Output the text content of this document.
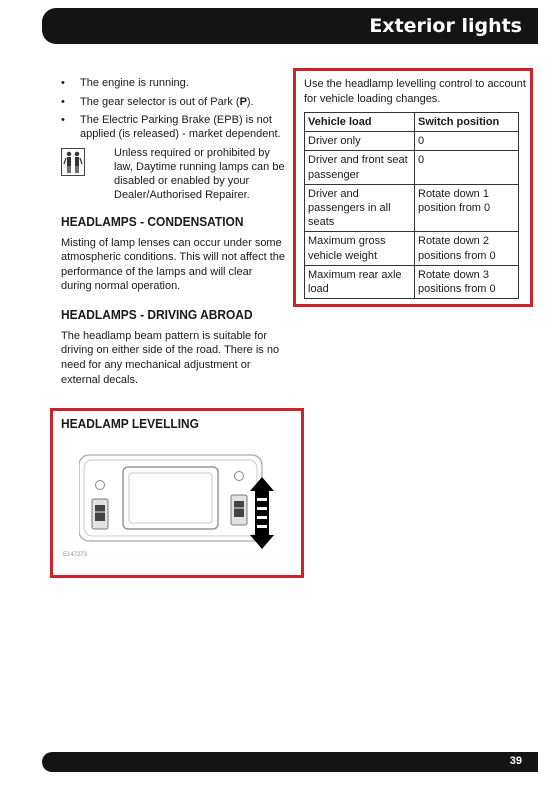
Exterior lights
• The engine is running.
• The gear selector is out of Park (P).
• The Electric Parking Brake (EPB) is not applied (is released) - market dependent.
Unless required or prohibited by law, Daytime running lamps can be disabled or enabled by your Dealer/Authorised Repairer.
HEADLAMPS - CONDENSATION

Misting of lamp lenses can occur under some atmospheric conditions. This will not affect the performance of the lamps and will clear during normal operation.

HEADLAMPS - DRIVING ABROAD

The headlamp beam pattern is suitable for driving on either side of the road. There is no need for any mechanical adjustment or external decals.

HEADLAMP LEVELLING
E147273
Use the headlamp levelling control to account for vehicle loading changes.
Vehicle load	Switch position
Driver only	0
Driver and front seat passenger	0
Driver and passengers in all seats	Rotate down 1 position from 0
Maximum gross vehicle weight	Rotate down 2 positions from 0
Maximum rear axle load	Rotate down 3 positions from 0
39
